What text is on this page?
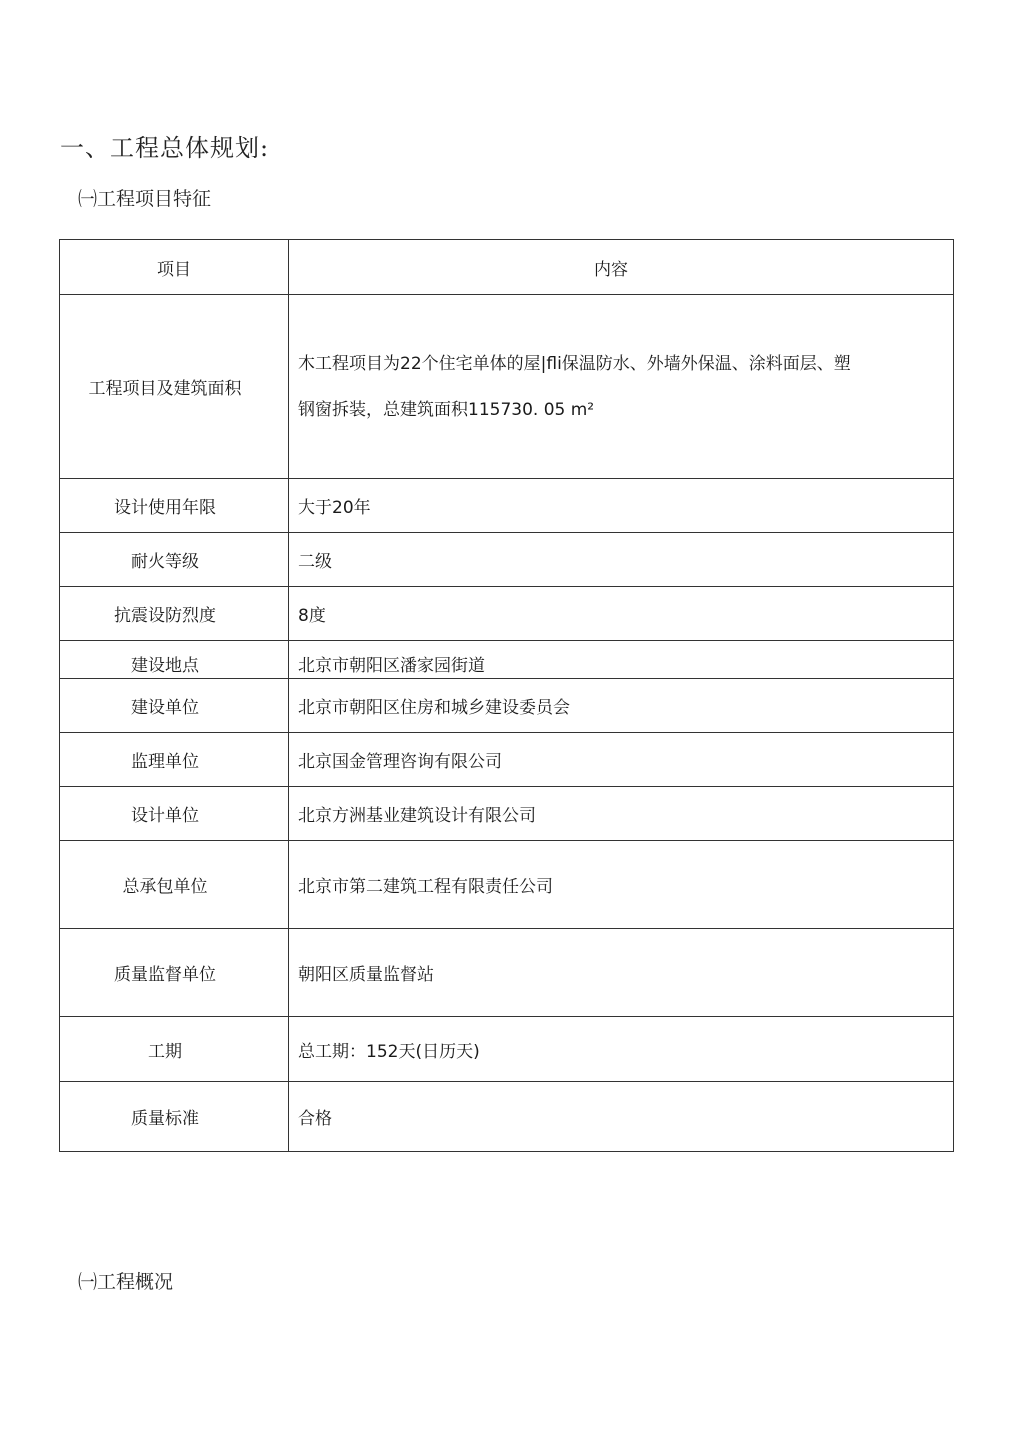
一、工程总体规划:
㈠工程项目特征
项目	内容
工程项目及建筑面积	木工程项目为22个住宅单体的屋|fli保温防水、外墙外保温、涂料面层、塑
钢窗拆装，总建筑面积115730. 05 m²

设计使用年限	大于20年
耐火等级	二级
抗震设防烈度	8度
建设地点	北京市朝阳区潘家园街道
建设单位	北京市朝阳区住房和城乡建设委员会
监理单位	北京国金管理咨询有限公司
设计单位	北京方洲基业建筑设计有限公司
总承包单位	北京市第二建筑工程有限责任公司
质量监督单位	朝阳区质量监督站
工期	总工期：152天(日历天)
质量标准	合格
㈠工程概况
